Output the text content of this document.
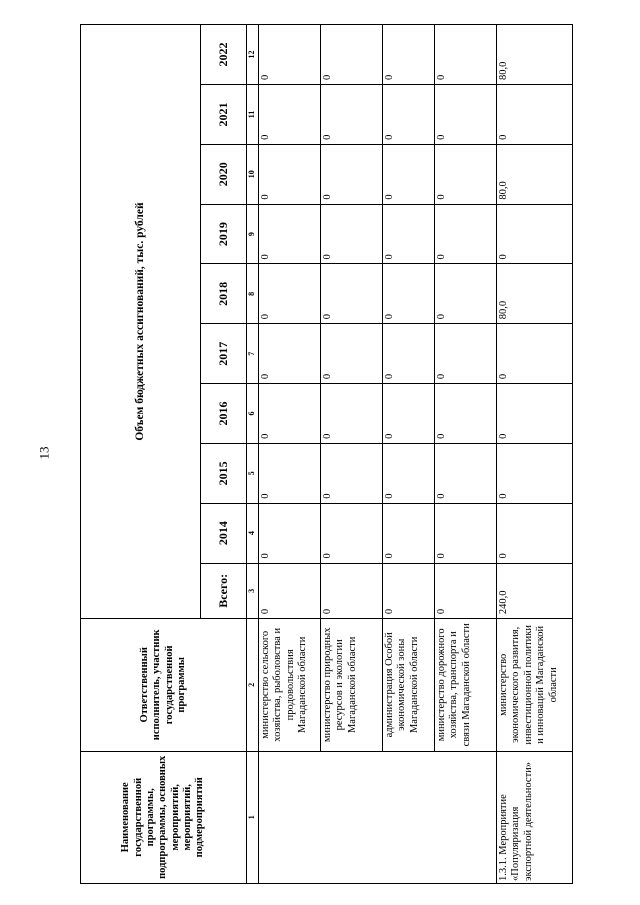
13
Наименование государственной программы, подпрограммы, основных мероприятий, мероприятий, подмероприятий	Ответственный исполнитель, участник государственной программы	Объем бюджетных ассигнований, тыс. рублей									
		Всего:	2014	2015	2016	2017	2018	2019	2020	2021	2022
1	2	3	4	5	6	7	8	9	10	11	12
	министерство сельского хозяйства, рыболовства и продовольствия Магаданской области	0	0	0	0	0	0	0	0	0	0
	министерство природных ресурсов и экологии Магаданской области	0	0	0	0	0	0	0	0	0	0
	администрация Особой экономической зоны Магаданской области	0	0	0	0	0	0	0	0	0	0
	министерство дорожного хозяйства, транспорта и связи Магаданской области	0	0	0	0	0	0	0	0	0	0
1.3.1. Мероприятие «Популяризация экспортной деятельности»	министерство экономического развития, инвестиционной политики и инноваций Магаданской области	240,0	0	0	0	0	80,0	0	80,0	0	80,0
